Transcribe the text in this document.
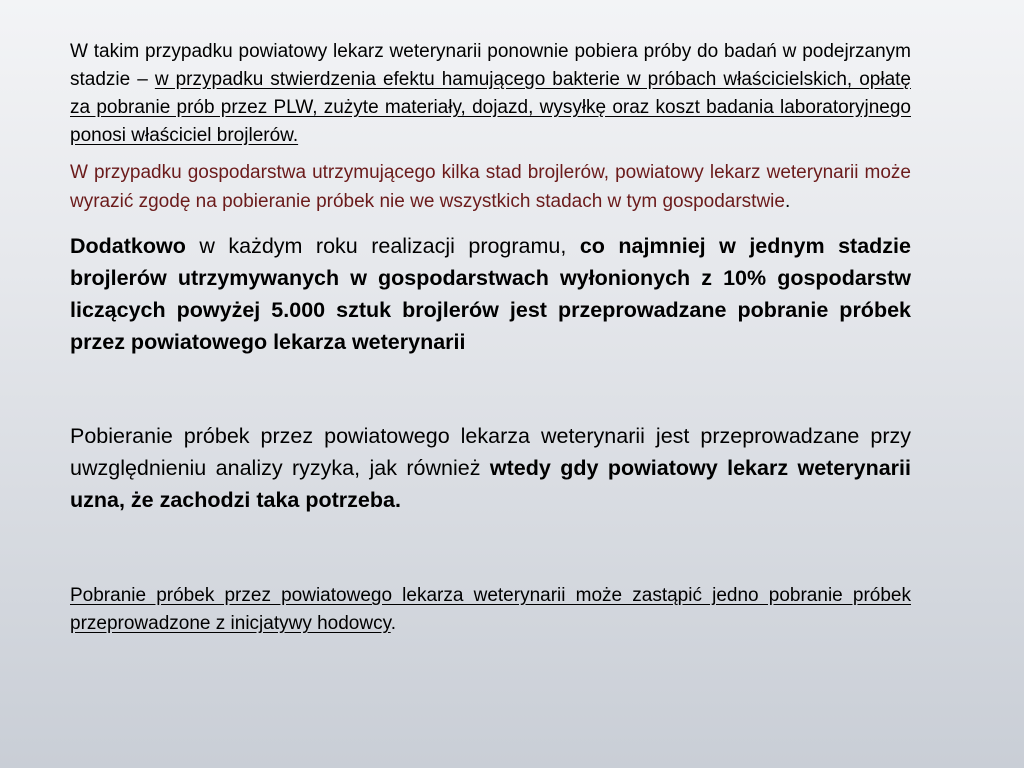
W takim przypadku powiatowy lekarz weterynarii ponownie pobiera próby do badań w podejrzanym stadzie – w przypadku stwierdzenia efektu hamującego bakterie w próbach właścicielskich, opłatę za pobranie prób przez PLW, zużyte materiały, dojazd, wysyłkę oraz koszt badania laboratoryjnego ponosi właściciel brojlerów.

W przypadku gospodarstwa utrzymującego kilka stad brojlerów, powiatowy lekarz weterynarii może wyrazić zgodę na pobieranie próbek nie we wszystkich stadach w tym gospodarstwie.

Dodatkowo w każdym roku realizacji programu, co najmniej w jednym stadzie brojlerów utrzymywanych w gospodarstwach wyłonionych z 10% gospodarstw liczących powyżej 5.000 sztuk brojlerów jest przeprowadzane pobranie próbek przez powiatowego lekarza weterynarii

Pobieranie próbek przez powiatowego lekarza weterynarii jest przeprowadzane przy uwzględnieniu analizy ryzyka, jak również wtedy gdy powiatowy lekarz weterynarii uzna, że zachodzi taka potrzeba.

Pobranie próbek przez powiatowego lekarza weterynarii może zastąpić jedno pobranie próbek przeprowadzone z inicjatywy hodowcy.
